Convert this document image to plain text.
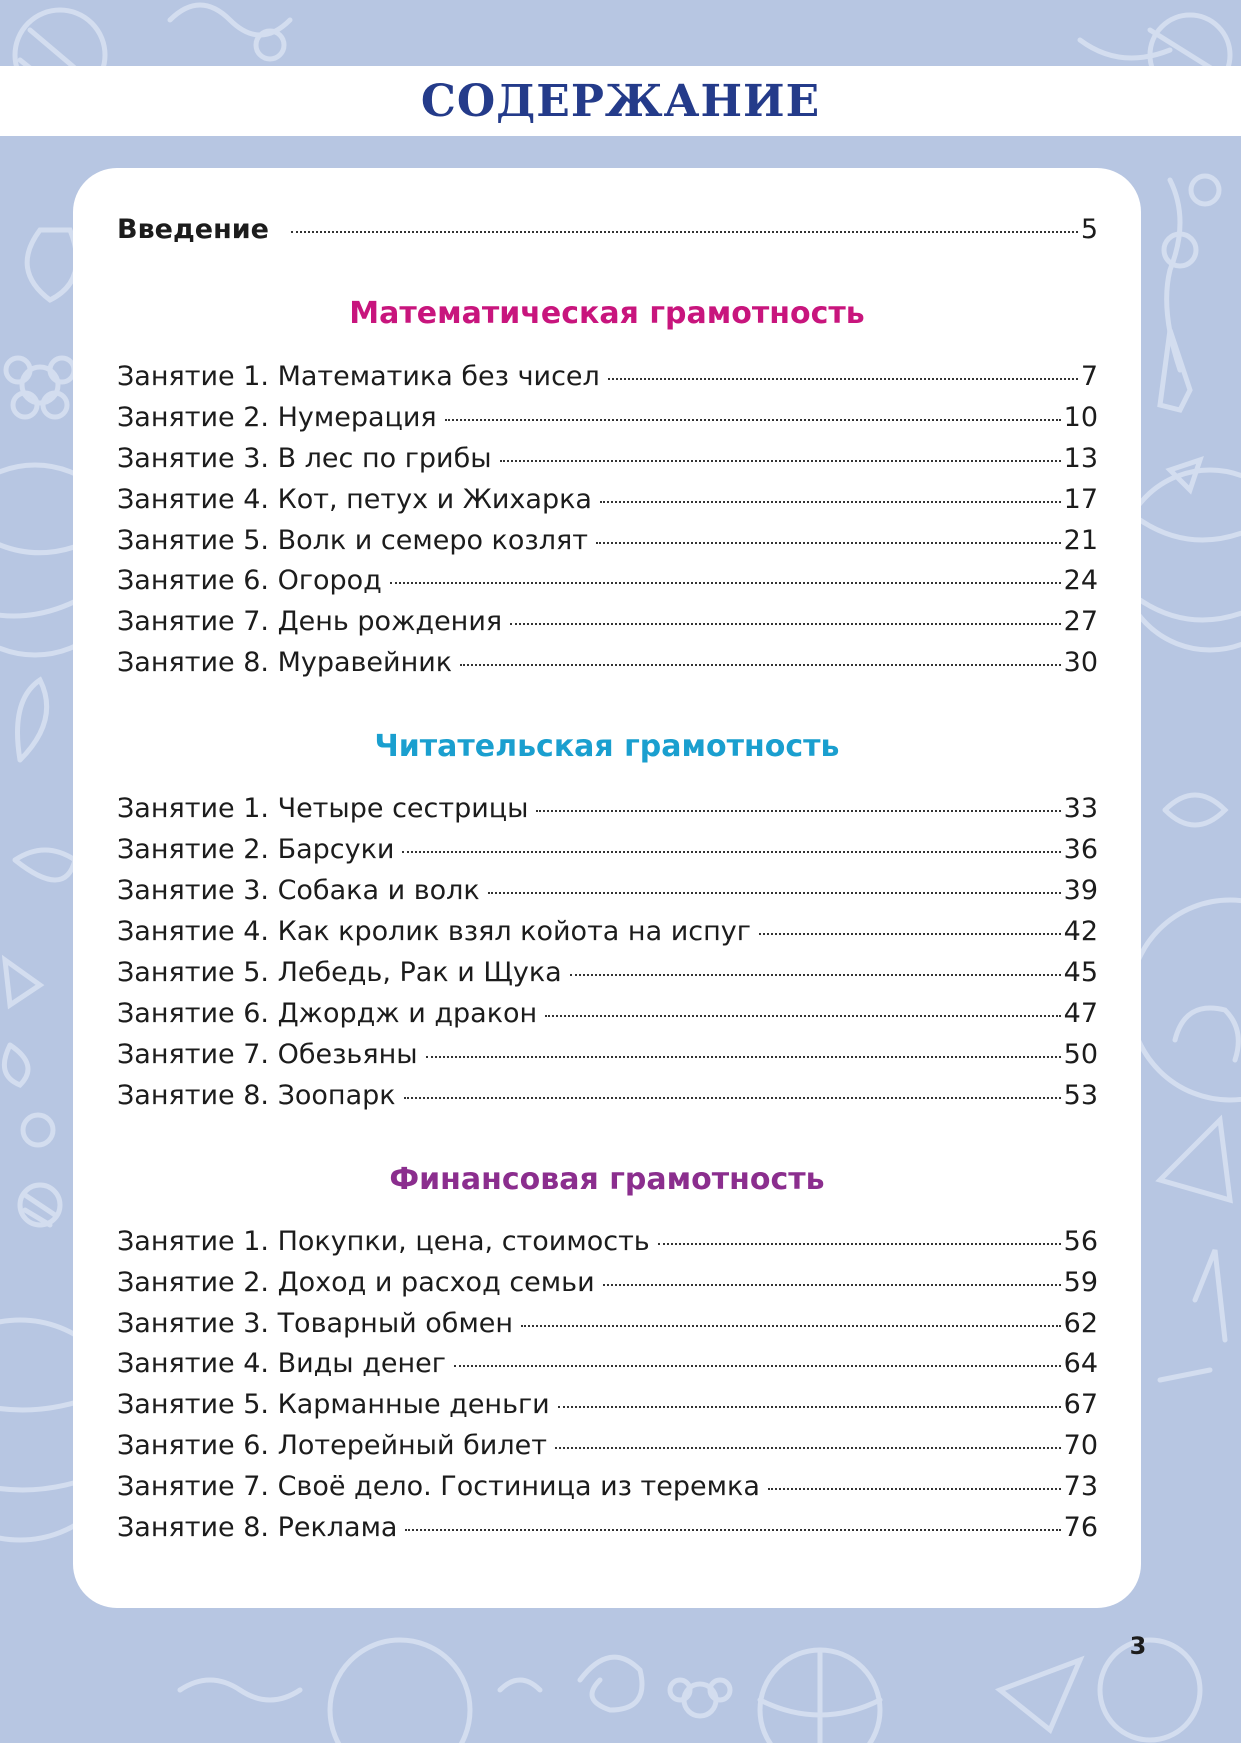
СОДЕРЖАНИЕ
Введение	5
Математическая грамотность
Занятие 1. Математика без чисел	7
Занятие 2. Нумерация	10
Занятие 3. В лес по грибы	13
Занятие 4. Кот, петух и Жихарка	17
Занятие 5. Волк и семеро козлят	21
Занятие 6. Огород	24
Занятие 7. День рождения	27
Занятие 8. Муравейник	30
Читательская грамотность
Занятие 1. Четыре сестрицы	33
Занятие 2. Барсуки	36
Занятие 3. Собака и волк	39
Занятие 4. Как кролик взял койота на испуг	42
Занятие 5. Лебедь, Рак и Щука	45
Занятие 6. Джордж и дракон	47
Занятие 7. Обезьяны	50
Занятие 8. Зоопарк	53
Финансовая грамотность
Занятие 1. Покупки, цена, стоимость	56
Занятие 2. Доход и расход семьи	59
Занятие 3. Товарный обмен	62
Занятие 4. Виды денег	64
Занятие 5. Карманные деньги	67
Занятие 6. Лотерейный билет	70
Занятие 7. Своё дело. Гостиница из теремка	73
Занятие 8. Реклама	76
3
